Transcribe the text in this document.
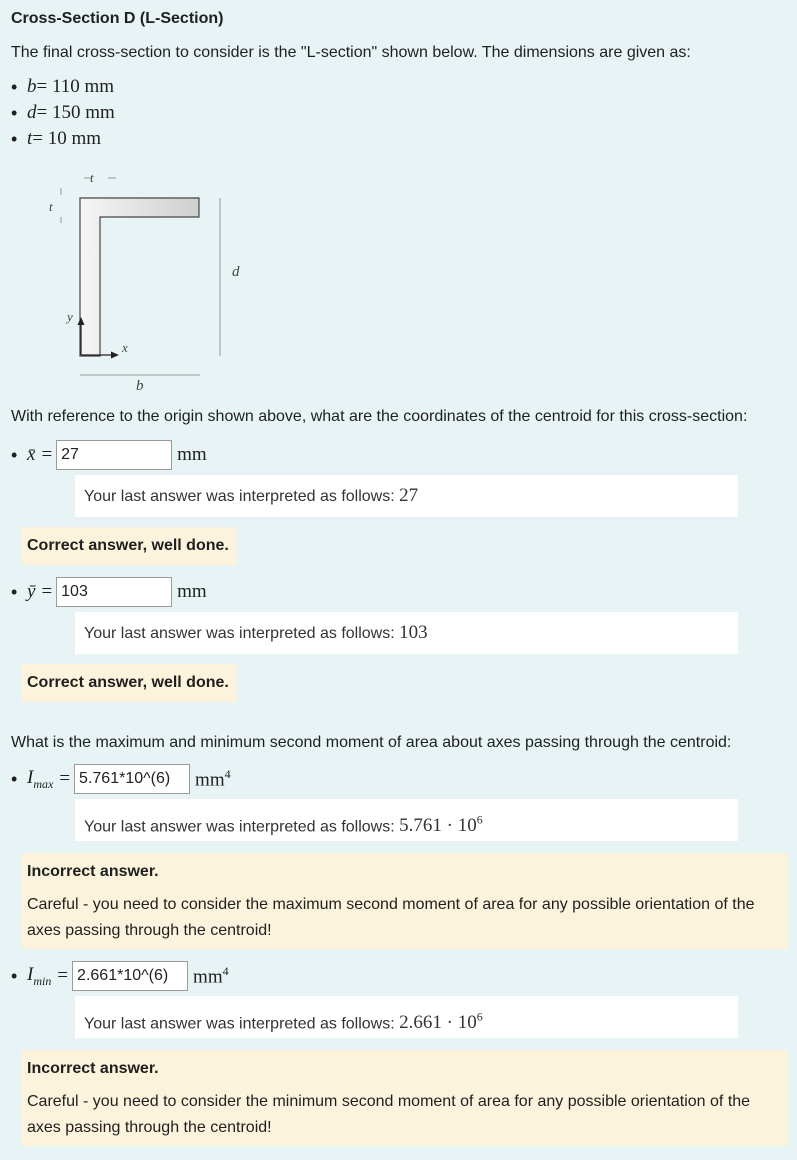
Cross-Section D (L-Section)
The final cross-section to consider is the "L-section" shown below. The dimensions are given as:
• b = 110 mm
• d = 150 mm
• t = 10 mm
t
t
d
b
y
x
With reference to the origin shown above, what are the coordinates of the centroid for this cross-section:
• x̄ =
27	mm
Your last answer was interpreted as follows: 27
Correct answer, well done.
• ȳ =
103	mm
Your last answer was interpreted as follows: 103
Correct answer, well done.
What is the maximum and minimum second moment of area about axes passing through the centroid:
• $I_{max}$ =
5.761*10^(6)	$mm^4$
Your last answer was interpreted as follows: $5.761 \cdot 10^6$
Incorrect answer.
Careful - you need to consider the maximum second moment of area for any possible orientation of the axes passing through the centroid!
• $I_{min}$ =
2.661*10^(6)	$mm^4$
Your last answer was interpreted as follows: $2.661 \cdot 10^6$
Incorrect answer.
Careful - you need to consider the minimum second moment of area for any possible orientation of the axes passing through the centroid!
